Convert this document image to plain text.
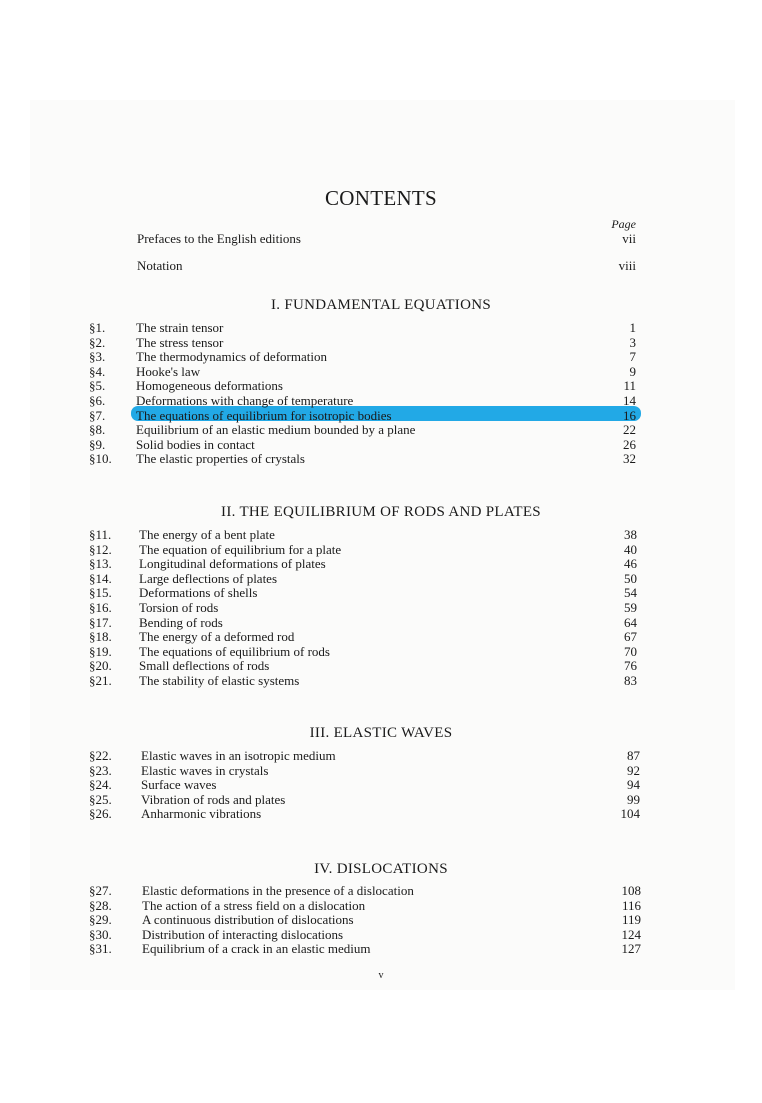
CONTENTS
Page
Prefaces to the English editions	vii
Notation	viii
I. FUNDAMENTAL EQUATIONS
§1. The strain tensor	1
§2. The stress tensor	3
§3. The thermodynamics of deformation	7
§4. Hooke's law	9
§5. Homogeneous deformations	11
§6. Deformations with change of temperature	14
§7. The equations of equilibrium for isotropic bodies	16
§8. Equilibrium of an elastic medium bounded by a plane	22
§9. Solid bodies in contact	26
§10. The elastic properties of crystals	32
II. THE EQUILIBRIUM OF RODS AND PLATES
§11. The energy of a bent plate	38
§12. The equation of equilibrium for a plate	40
§13. Longitudinal deformations of plates	46
§14. Large deflecti⁠ons of plates	50
§15. Deformations of shells	54
§16. Torsion of rods	59
§17. Bending of rods	64
§18. The energy of a deformed rod	67
§19. The equations of equilibrium of rods	70
§20. Small deflections of rods	76
§21. The stability of elastic systems	83
III. ELASTIC WAVES
§22. Elastic waves in an isotropic medium	87
§23. Elastic waves in crystals	92
§24. Surface waves	94
§25. Vibration of rods and plates	99
§26. Anharmonic vibrations	104
IV. DISLOCATIONS
§27. Elastic deformations in the presence of a dislocation	108
§28. The action of a stress field on a dislocation	116
§29. A continuous distribution of dislocations	119
§30. Distribution of interacting dislocations	124
§31. Equilibrium of a crack in an elastic medium	127
v
